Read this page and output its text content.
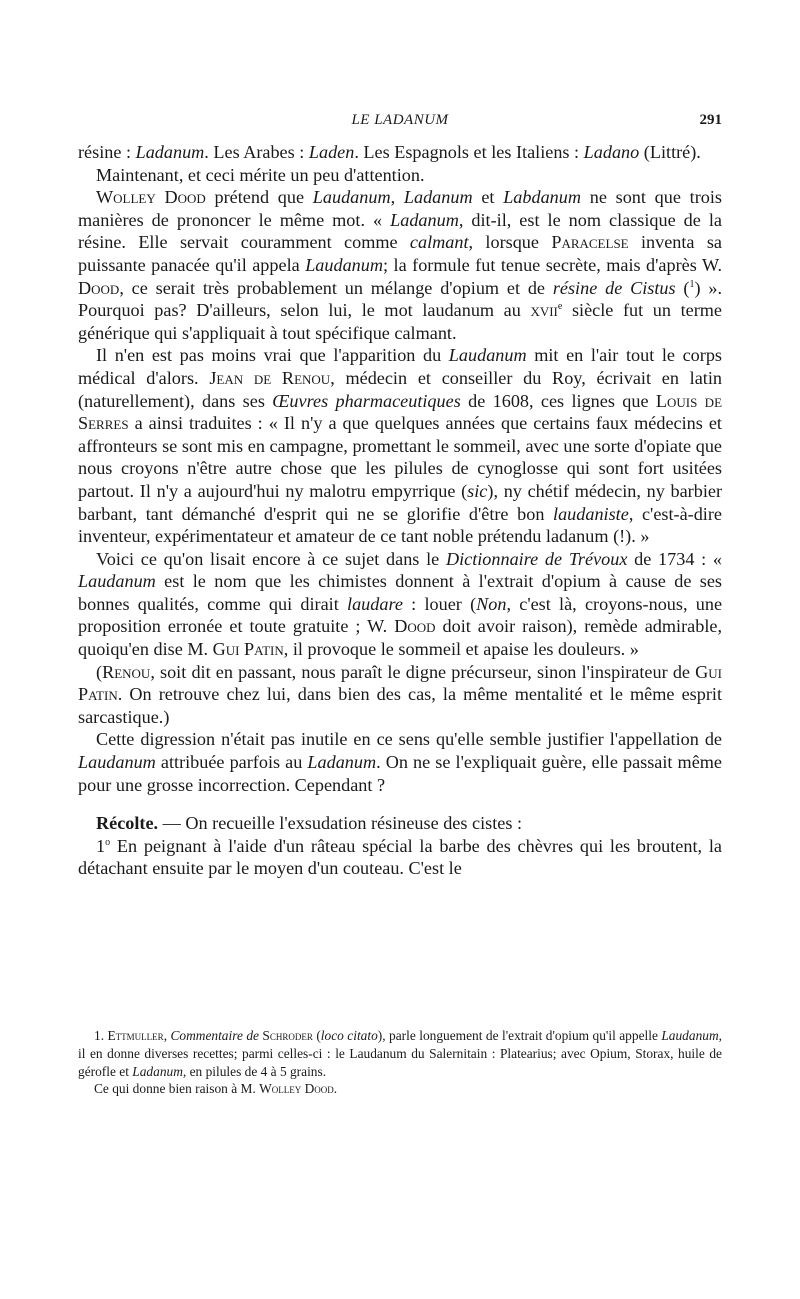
LE LADANUM	291

résine : Ladanum. Les Arabes : Laden. Les Espagnols et les Italiens : Ladano (Littré).

Maintenant, et ceci mérite un peu d'attention.

Wolley Dood prétend que Laudanum, Ladanum et Labdanum ne sont que trois manières de prononcer le même mot. « Ladanum, dit-il, est le nom classique de la résine. Elle servait couramment comme calmant, lorsque Paracelse inventa sa puissante panacée qu'il appela Laudanum; la formule fut tenue secrète, mais d'après W. Dood, ce serait très probablement un mélange d'opium et de résine de Cistus ($^1$) ». Pourquoi pas? D'ailleurs, selon lui, le mot laudanum au xvii$^e$ siècle fut un terme générique qui s'appliquait à tout spécifique calmant.

Il n'en est pas moins vrai que l'apparition du Laudanum mit en l'air tout le corps médical d'alors. Jean de Renou, médecin et conseiller du Roy, écrivait en latin (naturellement), dans ses Œuvres pharmaceutiques de 1608, ces lignes que Louis de Serres a ainsi traduites : « Il n'y a que quelques années que certains faux médecins et affronteurs se sont mis en campagne, promettant le sommeil, avec une sorte d'opiate que nous croyons n'être autre chose que les pilules de cynoglosse qui sont fort usitées partout. Il n'y a aujourd'hui ny malotru empyrrique (sic), ny chétif médecin, ny barbier barbant, tant démanché d'esprit qui ne se glorifie d'être bon laudaniste, c'est-à-dire inventeur, expérimentateur et amateur de ce tant noble prétendu ladanum (!). »

Voici ce qu'on lisait encore à ce sujet dans le Dictionnaire de Trévoux de 1734 : « Laudanum est le nom que les chimistes donnent à l'extrait d'opium à cause de ses bonnes qualités, comme qui dirait laudare : louer (Non, c'est là, croyons-nous, une proposition erronée et toute gratuite ; W. Dood doit avoir raison), remède admirable, quoiqu'en dise M. Gui Patin, il provoque le sommeil et apaise les douleurs. »

(Renou, soit dit en passant, nous paraît le digne précurseur, sinon l'inspirateur de Gui Patin. On retrouve chez lui, dans bien des cas, la même mentalité et le même esprit sarcastique.)

Cette digression n'était pas inutile en ce sens qu'elle semble justifier l'appellation de Laudanum attribuée parfois au Ladanum. On ne se l'expliquait guère, elle passait même pour une grosse incorrection. Cependant ?

Récolte. — On recueille l'exsudation résineuse des cistes :

1$^o$ En peignant à l'aide d'un râteau spécial la barbe des chèvres qui les broutent, la détachant ensuite par le moyen d'un couteau. C'est le

1. Ettmuller, Commentaire de Schroder (loco citato), parle longuement de l'extrait d'opium qu'il appelle Laudanum, il en donne diverses recettes; parmi celles-ci : le Laudanum du Salernitain : Platearius; avec Opium, Storax, huile de gérofle et Ladanum, en pilules de 4 à 5 grains.

Ce qui donne bien raison à M. Wolley Dood.
